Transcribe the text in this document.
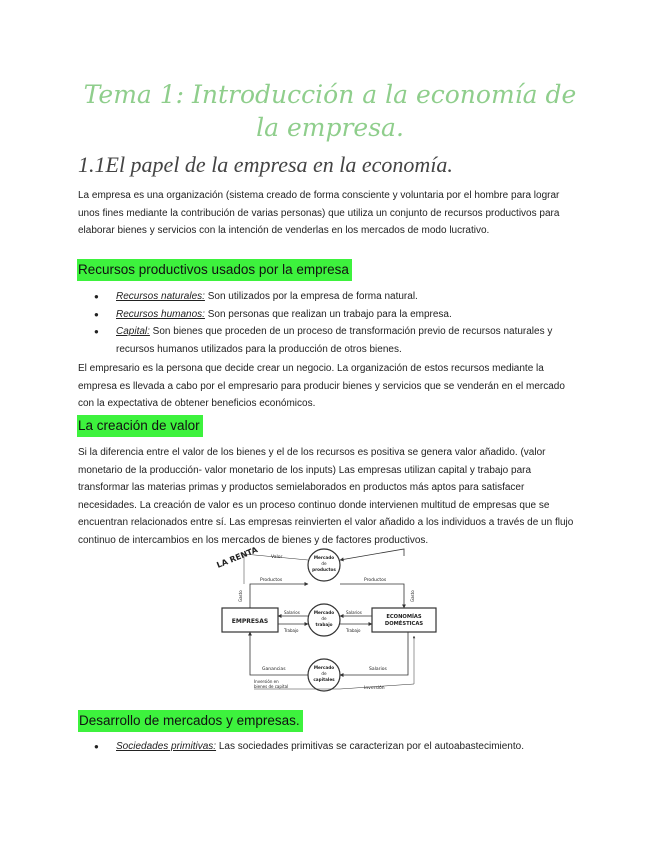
Tema 1: Introducción a la economía de la empresa.
1.1El papel de la empresa en la economía.

La empresa es una organización (sistema creado de forma consciente y voluntaria por el hombre para lograr unos fines mediante la contribución de varias personas) que utiliza un conjunto de recursos productivos para elaborar bienes y servicios con la intención de venderlas en los mercados de modo lucrativo.

Recursos productivos usados por la empresa
● Recursos naturales: Son utilizados por la empresa de forma natural.
● Recursos humanos: Son personas que realizan un trabajo para la empresa.
● Capital: Son bienes que proceden de un proceso de transformación previo de recursos naturales y recursos humanos utilizados para la producción de otros bienes.

El empresario es la persona que decide crear un negocio. La organización de estos recursos mediante la empresa es llevada a cabo por el empresario para producir bienes y servicios que se venderán en el mercado con la expectativa de obtener beneficios económicos.

La creación de valor

Si la diferencia entre el valor de los bienes y el de los recursos es positiva se genera valor añadido. (valor monetario de la producción- valor monetario de los inputs) Las empresas utilizan capital y trabajo para transformar las materias primas y productos semielaborados en productos más aptos para satisfacer necesidades. La creación de valor es un proceso continuo donde intervienen multitud de empresas que se encuentran relacionados entre sí. Las empresas reinvierten el valor añadido a los individuos a través de un flujo continuo de intercambios en los mercados de bienes y de factores productivos.

LA RENTA	Mercado de productos
Mercado de trabajo
Mercado de capitales
EMPRESAS
ECONOMÍAS DOMÉSTICAS
Valor
Productos	Productos
Salarios
Trabajo
Salarios
Trabajo
Ganancias	Salarios
Inversión en bienes de capital	Inversión
Gasto	Gasto
Desarrollo de mercados y empresas.
● Sociedades primitivas: Las sociedades primitivas se caracterizan por el autoabastecimiento.
